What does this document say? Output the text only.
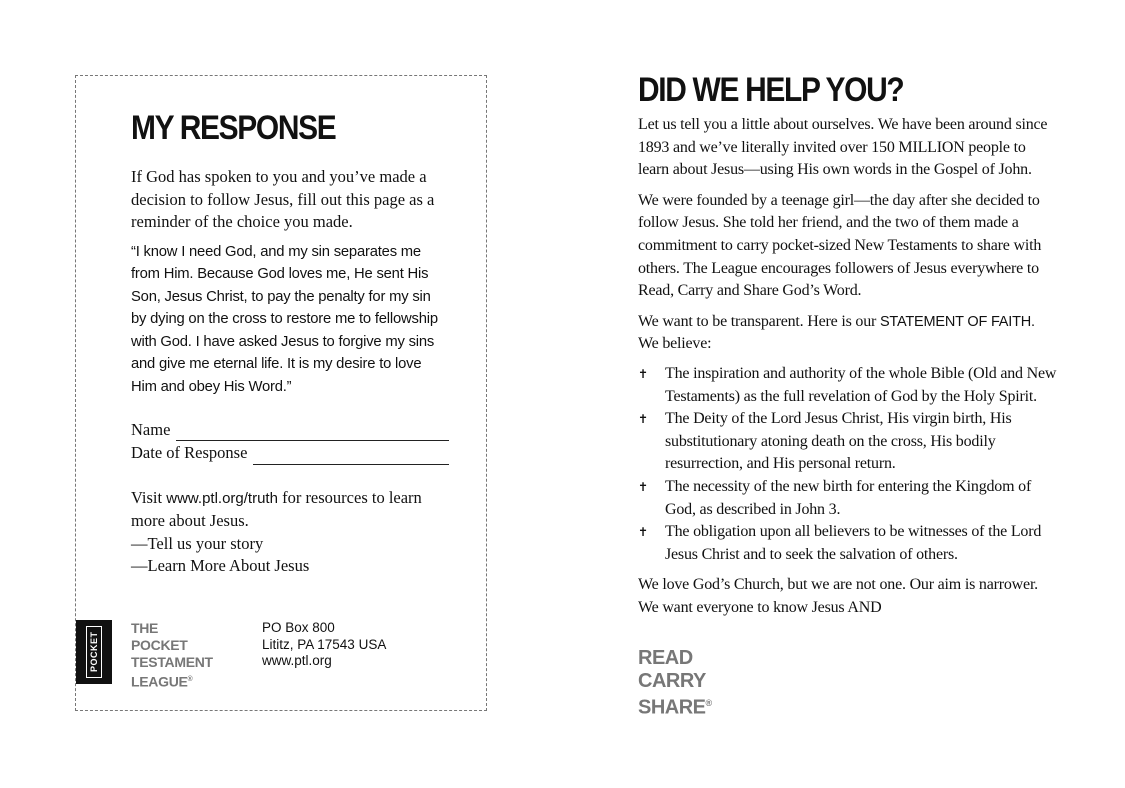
MY RESPONSE

If God has spoken to you and you’ve made a decision to follow Jesus, fill out this page as a reminder of the choice you made.

“I know I need God, and my sin separates me from Him. Because God loves me, He sent His Son, Jesus Christ, to pay the penalty for my sin by dying on the cross to restore me to fellowship with God. I have asked Jesus to forgive my sins and give me eternal life. It is my desire to love Him and obey His Word.”

Name
Date of Response

Visit www.ptl.org/truth for resources to learn more about Jesus.

—Tell us your story

—Learn More About Jesus

POCKET
THE
POCKET
TESTAMENT
LEAGUE®
PO Box 800
Lititz, PA 17543 USA
www.ptl.org
DID WE HELP YOU?

Let us tell you a little about ourselves. We have been around since 1893 and we’ve literally invited over 150 MILLION people to learn about Jesus—using His own words in the Gospel of John.

We were founded by a teenage girl—the day after she decided to follow Jesus. She told her friend, and the two of them made a commitment to carry pocket-sized New Testaments to share with others. The League encourages followers of Jesus everywhere to Read, Carry and Share God’s Word.

We want to be transparent. Here is our STATEMENT OF FAITH.

We believe:

✝	The inspiration and authority of the whole Bible (Old and New Testaments) as the full revelation of God by the Holy Spirit.
✝	The Deity of the Lord Jesus Christ, His virgin birth, His substitutionary atoning death on the cross, His bodily resurrection, and His personal return.
✝	The necessity of the new birth for entering the Kingdom of God, as described in John 3.
✝	The obligation upon all believers to be witnesses of the Lord Jesus Christ and to seek the salvation of others.

We love God’s Church, but we are not one. Our aim is narrower. We want everyone to know Jesus AND

READ
CARRY
SHARE®
